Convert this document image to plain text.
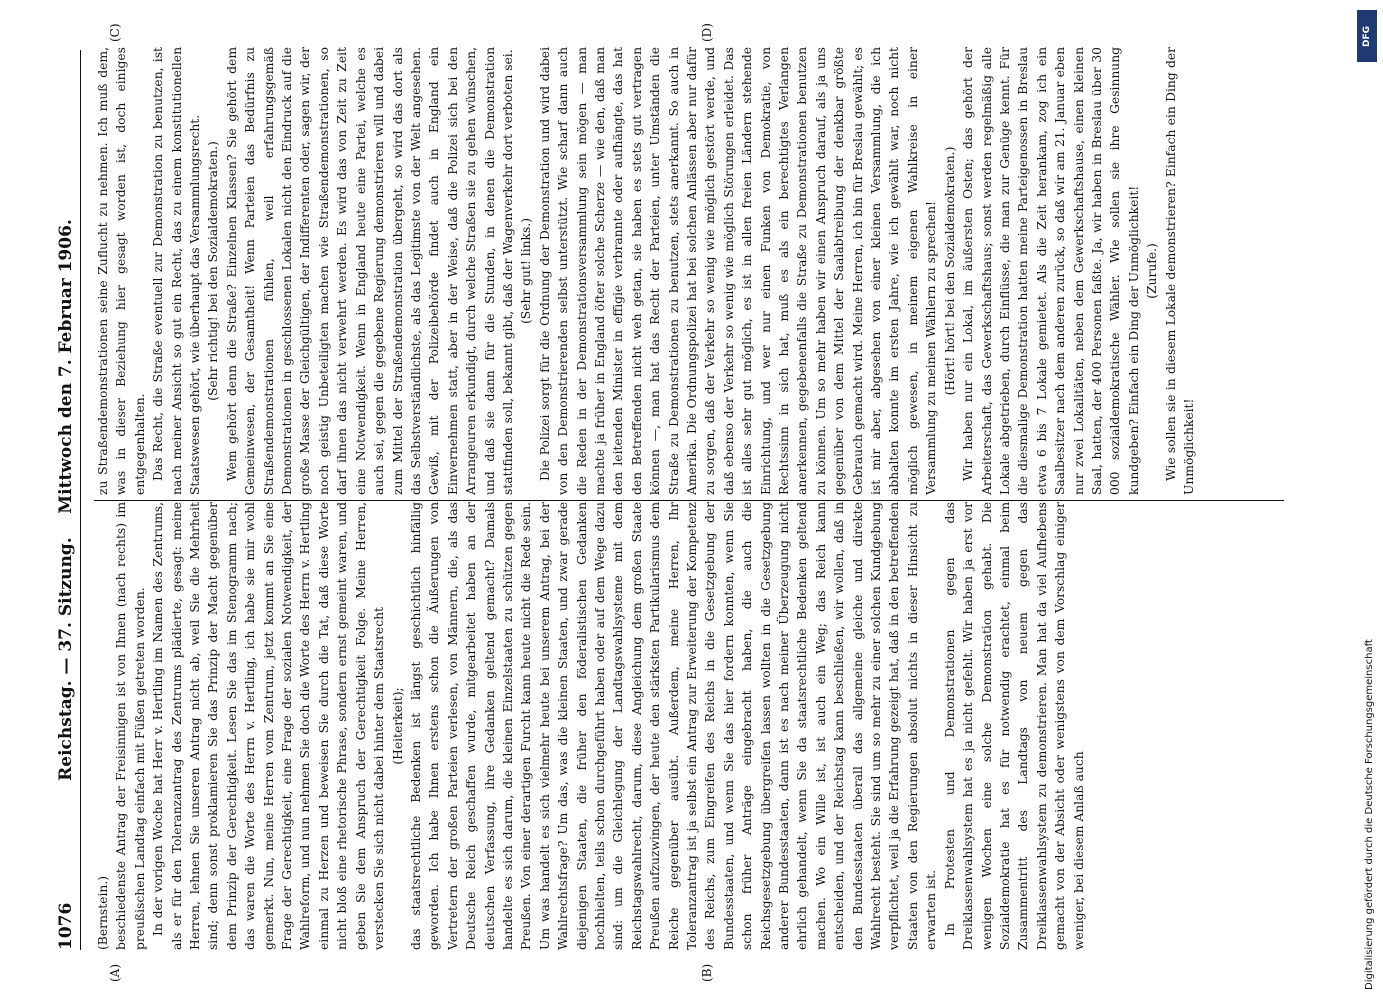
1076
Reichstag. — 37. Sitzung.    Mittwoch den 7. Februar 1906.

(Bernstein.) beschiedenste Antrag der Freisinnigen ist von Ihnen (nach rechts) im preußischen Landtag einfach mit Füßen getreten worden. In der vorigen Woche hat Herr v. Hertling im Namen des Zentrums, als er für den Toleranzantrag des Zentrums plädierte, gesagt: meine Herren, lehnen Sie unseren Antrag nicht ab, weil Sie die Mehrheit sind; denn sonst proklamieren Sie das Prinzip der Macht gegenüber dem Prinzip der Gerechtigkeit. Lesen Sie das im Stenogramm nach; das waren die Worte des Herrn v. Hertling, ich habe sie mir wohl gemerkt. Nun, meine Herren vom Zentrum, jetzt kommt an Sie eine Frage der Gerechtigkeit, eine Frage der sozialen Notwendigkeit, der Wahlreform, und nun nehmen Sie doch die Worte des Herrn v. Hertling einmal zu Herzen und beweisen Sie durch die Tat, daß diese Worte nicht bloß eine rhetorische Phrase, sondern ernst gemeint waren, und geben Sie dem Anspruch der Gerechtigkeit Folge. Meine Herren, verstecken Sie sich nicht dabei hinter dem Staatsrecht (Heiterkeit); das staatsrechtliche Bedenken ist längst geschichtlich hinfällig geworden. Ich habe Ihnen erstens schon die Äußerungen von Vertretern der großen Parteien verlesen, von Männern, die, als das Deutsche Reich geschaffen wurde, mitgearbeitet haben an der deutschen Verfassung, ihre Gedanken geltend gemacht? Damals handelte es sich darum, die kleinen Einzelstaaten zu schützen gegen Preußen. Von einer derartigen Furcht kann heute nicht die Rede sein. Um was handelt es sich vielmehr heute bei unserem Antrag, bei der Wahlrechtsfrage? Um das, was die kleinen Staaten, und zwar gerade diejenigen Staaten, die früher den föderalistischen Gedanken hochhielten, teils schon durchgeführt haben oder auf dem Wege dazu sind: um die Gleichlegung der Landtagswahlsysteme mit dem Reichstagswahlrecht, darum, diese Angleichung dem großen Staate Preußen aufzuzwingen, der heute den stärksten Partikularismus dem Reiche gegenüber ausübt. Außerdem, meine Herren, Ihr Toleranzantrag ist ja selbst ein Antrag zur Erweiterung der Kompetenz des Reichs, zum Eingreifen des Reichs in die Gesetzgebung der Bundesstaaten, und wenn Sie das hier fordern konnten, wenn Sie schon früher Anträge eingebracht haben, die auch die Reichsgesetzgebung übergreifen lassen wollten in die Gesetzgebung anderer Bundesstaaten, dann ist es nach meiner Überzeugung nicht ehrlich gehandelt, wenn Sie da staatsrechtliche Bedenken geltend machen. Wo ein Wille ist, ist auch ein Weg; das Reich kann entscheiden, und der Reichstag kann beschließen, wir wollen, daß in den Bundesstaaten überall das allgemeine gleiche und direkte Wahlrecht besteht. Sie sind um so mehr zu einer solchen Kundgebung verpflichtet, weil ja die Erfahrung gezeigt hat, daß in den betreffenden Staaten von den Regierungen absolut nichts in dieser Hinsicht zu erwarten ist. In Protesten und Demonstrationen gegen das Dreiklassenwahlsystem hat es ja nicht gefehlt. Wir haben ja erst vor wenigen Wochen eine solche Demonstration gehabt. Die Sozialdemokratie hat es für notwendig erachtet, einmal beim Zusammentritt des Landtags von neuem gegen das Dreiklassenwahlsystem zu demonstrieren. Man hat da viel Aufhebens gemacht von der Absicht oder wenigstens von dem Vorschlag einiger weniger, bei diesem Anlaß auch

zu Straßendemonstrationen seine Zuflucht zu nehmen. Ich muß dem, was in dieser Beziehung hier gesagt worden ist, doch einiges entgegenhalten. Das Recht, die Straße eventuell zur Demonstration zu benutzen, ist nach meiner Ansicht so gut ein Recht, das zu einem konstitutionellen Staatswesen gehört, wie überhaupt das Versammlungsrecht. (Sehr richtig! bei den Sozialdemokraten.) Wem gehört denn die Straße? Einzelnen Klassen? Sie gehört dem Gemeinwesen, der Gesamtheit! Wenn Parteien das Bedürfnis zu Straßendemonstrationen fühlen, weil erfahrungsgemäß Demonstrationen in geschlossenen Lokalen nicht den Eindruck auf die große Masse der Gleichgültigen, der Indifferenten oder, sagen wir, der noch geistig Unbeteiligten machen wie Straßendemonstrationen, so darf ihnen das nicht verwehrt werden. Es wird das von Zeit zu Zeit eine Notwendigkeit. Wenn in England heute eine Partei, welche es auch sei, gegen die gegebene Regierung demonstrieren will und dabei zum Mittel der Straßendemonstration übergeht, so wird das dort als das Selbstverständlichste, als das Legitimste von der Welt angesehen. Gewiß, mit der Polizeibehörde findet auch in England ein Einvernehmen statt, aber in der Weise, daß die Polizei sich bei den Arrangeuren erkundigt, durch welche Straßen sie zu gehen wünschen, und daß sie dann für die Stunden, in denen die Demonstration stattfinden soll, bekannt gibt, daß der Wagenverkehr dort verboten sei. (Sehr gut! links.) Die Polizei sorgt für die Ordnung der Demonstration und wird dabei von den Demonstrierenden selbst unterstützt. Wie scharf dann auch die Reden in der Demonstrationsversammlung sein mögen — man machte ja früher in England öfter solche Scherze — wie den, daß man den leitenden Minister in effigie verbrannte oder aufhängte, das hat den Betreffenden nicht weh getan, sie haben es stets gut vertragen können —, man hat das Recht der Parteien, unter Umständen die Straße zu Demonstrationen zu benutzen, stets anerkannt. So auch in Amerika. Die Ordnungspolizei hat bei solchen Anlässen aber nur dafür zu sorgen, daß der Verkehr so wenig wie möglich gestört werde, und daß ebenso der Verkehr so wenig wie möglich Störungen erleidet. Das ist alles sehr gut möglich, es ist in allen freien Ländern stehende Einrichtung, und wer nur einen Funken von Demokratie, von Rechtssinn in sich hat, muß es als ein berechtigtes Verlangen anerkennen, gegebenenfalls die Straße zu Demonstrationen benutzen zu können. Um so mehr haben wir einen Anspruch darauf, als ja uns gegenüber von dem Mittel der Saalabtreibung der denkbar größte Gebrauch gemacht wird. Meine Herren, ich bin für Breslau gewählt; es ist mir aber, abgesehen von einer kleinen Versammlung, die ich abhalten konnte im ersten Jahre, wie ich gewählt war, noch nicht möglich gewesen, in meinem eigenen Wahlkreise in einer Versammlung zu meinen Wählern zu sprechen! (Hört! hört! bei den Sozialdemokraten.) Wir haben nur ein Lokal, im äußersten Osten; das gehört der Arbeiterschaft, das Gewerkschaftshaus; sonst werden regelmäßig alle Lokale abgetrieben, durch Einflüsse, die man zur Genüge kennt. Für die diesmalige Demonstration hatten meine Parteigenossen in Breslau etwa 6 bis 7 Lokale gemietet. Als die Zeit herankam, zog ich ein Saalbesitzer nach dem anderen zurück, so daß wir am 21. Januar eben nur zwei Lokalitäten, neben dem Gewerkschaftshause, einen kleinen Saal, hatten, der 400 Personen faßte. Ja, wir haben in Breslau über 30 000 sozialdemokratische Wähler. Wie sollen sie ihre Gesinnung kundgeben? Einfach ein Ding der Unmöglichkeit! (Zurufe.) Wie sollen sie in diesem Lokale demonstrieren? Einfach ein Ding der Unmöglichkeit!

(A)	(B)
(C)	(D)	DFG
Digitalisierung gefördert durch die Deutsche Forschungsgemeinschaft
